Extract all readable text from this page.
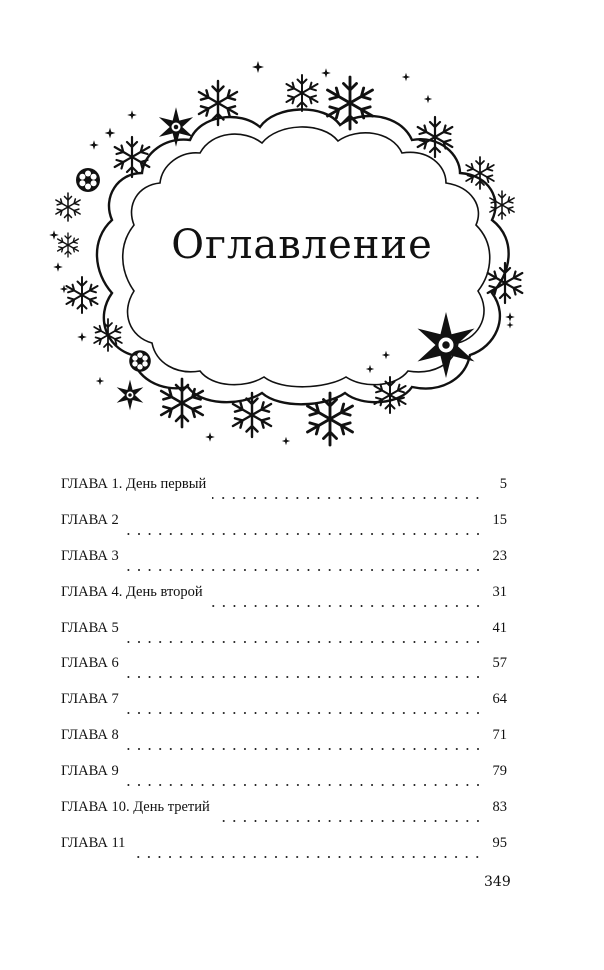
Оглавление
ГЛАВА 1. День первый	5
ГЛАВА 2	15
ГЛАВА 3	23
ГЛАВА 4. День второй	31
ГЛАВА 5	41
ГЛАВА 6	57
ГЛАВА 7	64
ГЛАВА 8	71
ГЛАВА 9	79
ГЛАВА 10. День третий	83
ГЛАВА 11	95
349
